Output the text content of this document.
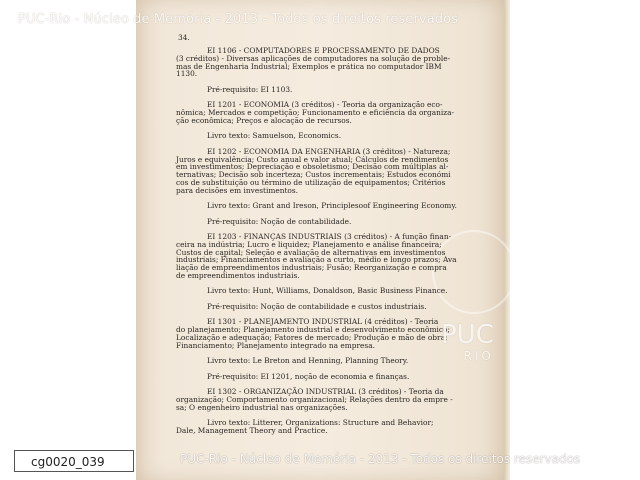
34.
EI 1106 - COMPUTADORES E PROCESSAMENTO DE DADOS
(3 créditos) - Diversas aplicações de computadores na solução de proble-
mas de Engenharia Industrial; Exemplos e prática no computador IBM
1130.
Pré-requisito: EI 1103.
EI 1201 - ECONOMIA (3 créditos) - Teoria da organização eco-
nômica; Mercados e competição; Funcionamento e eficiência da organiza-
ção econômica; Preços e alocação de recursos.
Livro texto: Samuelson, Economics.
EI 1202 - ECONOMIA DA ENGENHARIA (3 créditos) - Natureza;
Juros e equivalência; Custo anual e valor atual; Cálculos de rendimentos
em investimentos; Depreciação e obsoletismo; Decisão com múltiplas al-
ternativas; Decisão sob incerteza; Custos incrementais; Estudos económi
cos de substituição ou término de utilização de equipamentos; Critérios
para decisões em investimentos.
Livro texto: Grant and Ireson, Principlesoof Engineering Economy.
Pré-requisito: Noção de contabilidade.
EI 1203 - FINANÇAS INDUSTRIAIS (3 créditos) - A função finan-
ceira na indústria; Lucro e liquidez; Planejamento e análise financeira;
Custos de capital; Seleção e avaliação de alternativas em investimentos
industriais; Financiamentos e avaliação a curto, médio e longo prazos; Ava
liação de empreendimentos industriais; Fusão; Reorganização e compra
de empreendimentos industriais.
Livro texto: Hunt, Williams, Donaldson, Basic Business Finance.
Pré-requisito: Noção de contabilidade e custos industriais.
EI 1301 - PLANEJAMENTO INDUSTRIAL (4 créditos) - Teoria
do planejamento; Planejamento industrial e desenvolvimento econômico;
Localização e adequação; Fatores de mercado; Produção e mão de obra;
Financiamento; Planejamento integrado na empresa.
Livro texto: Le Breton and Henning, Planning Theory.
Pré-requisito: EI 1201, noção de economia e finanças.
EI 1302 - ORGANIZAÇÃO INDUSTRIAL (3 créditos) - Teoria da
organização; Comportamento organizacional; Relações dentro da empre -
sa; O engenheiro industrial nas organizações.
Livro texto: Litterer, Organizations: Structure and Behavior;
Dale, Management Theory and Practice.
PUC
RIO
PUC-Rio - Núcleo de Memória - 2013 - Todos os direitos reservados
PUC-Rio - Núcleo de Memória - 2013 - Todos os direitos reservados
cg0020_039
